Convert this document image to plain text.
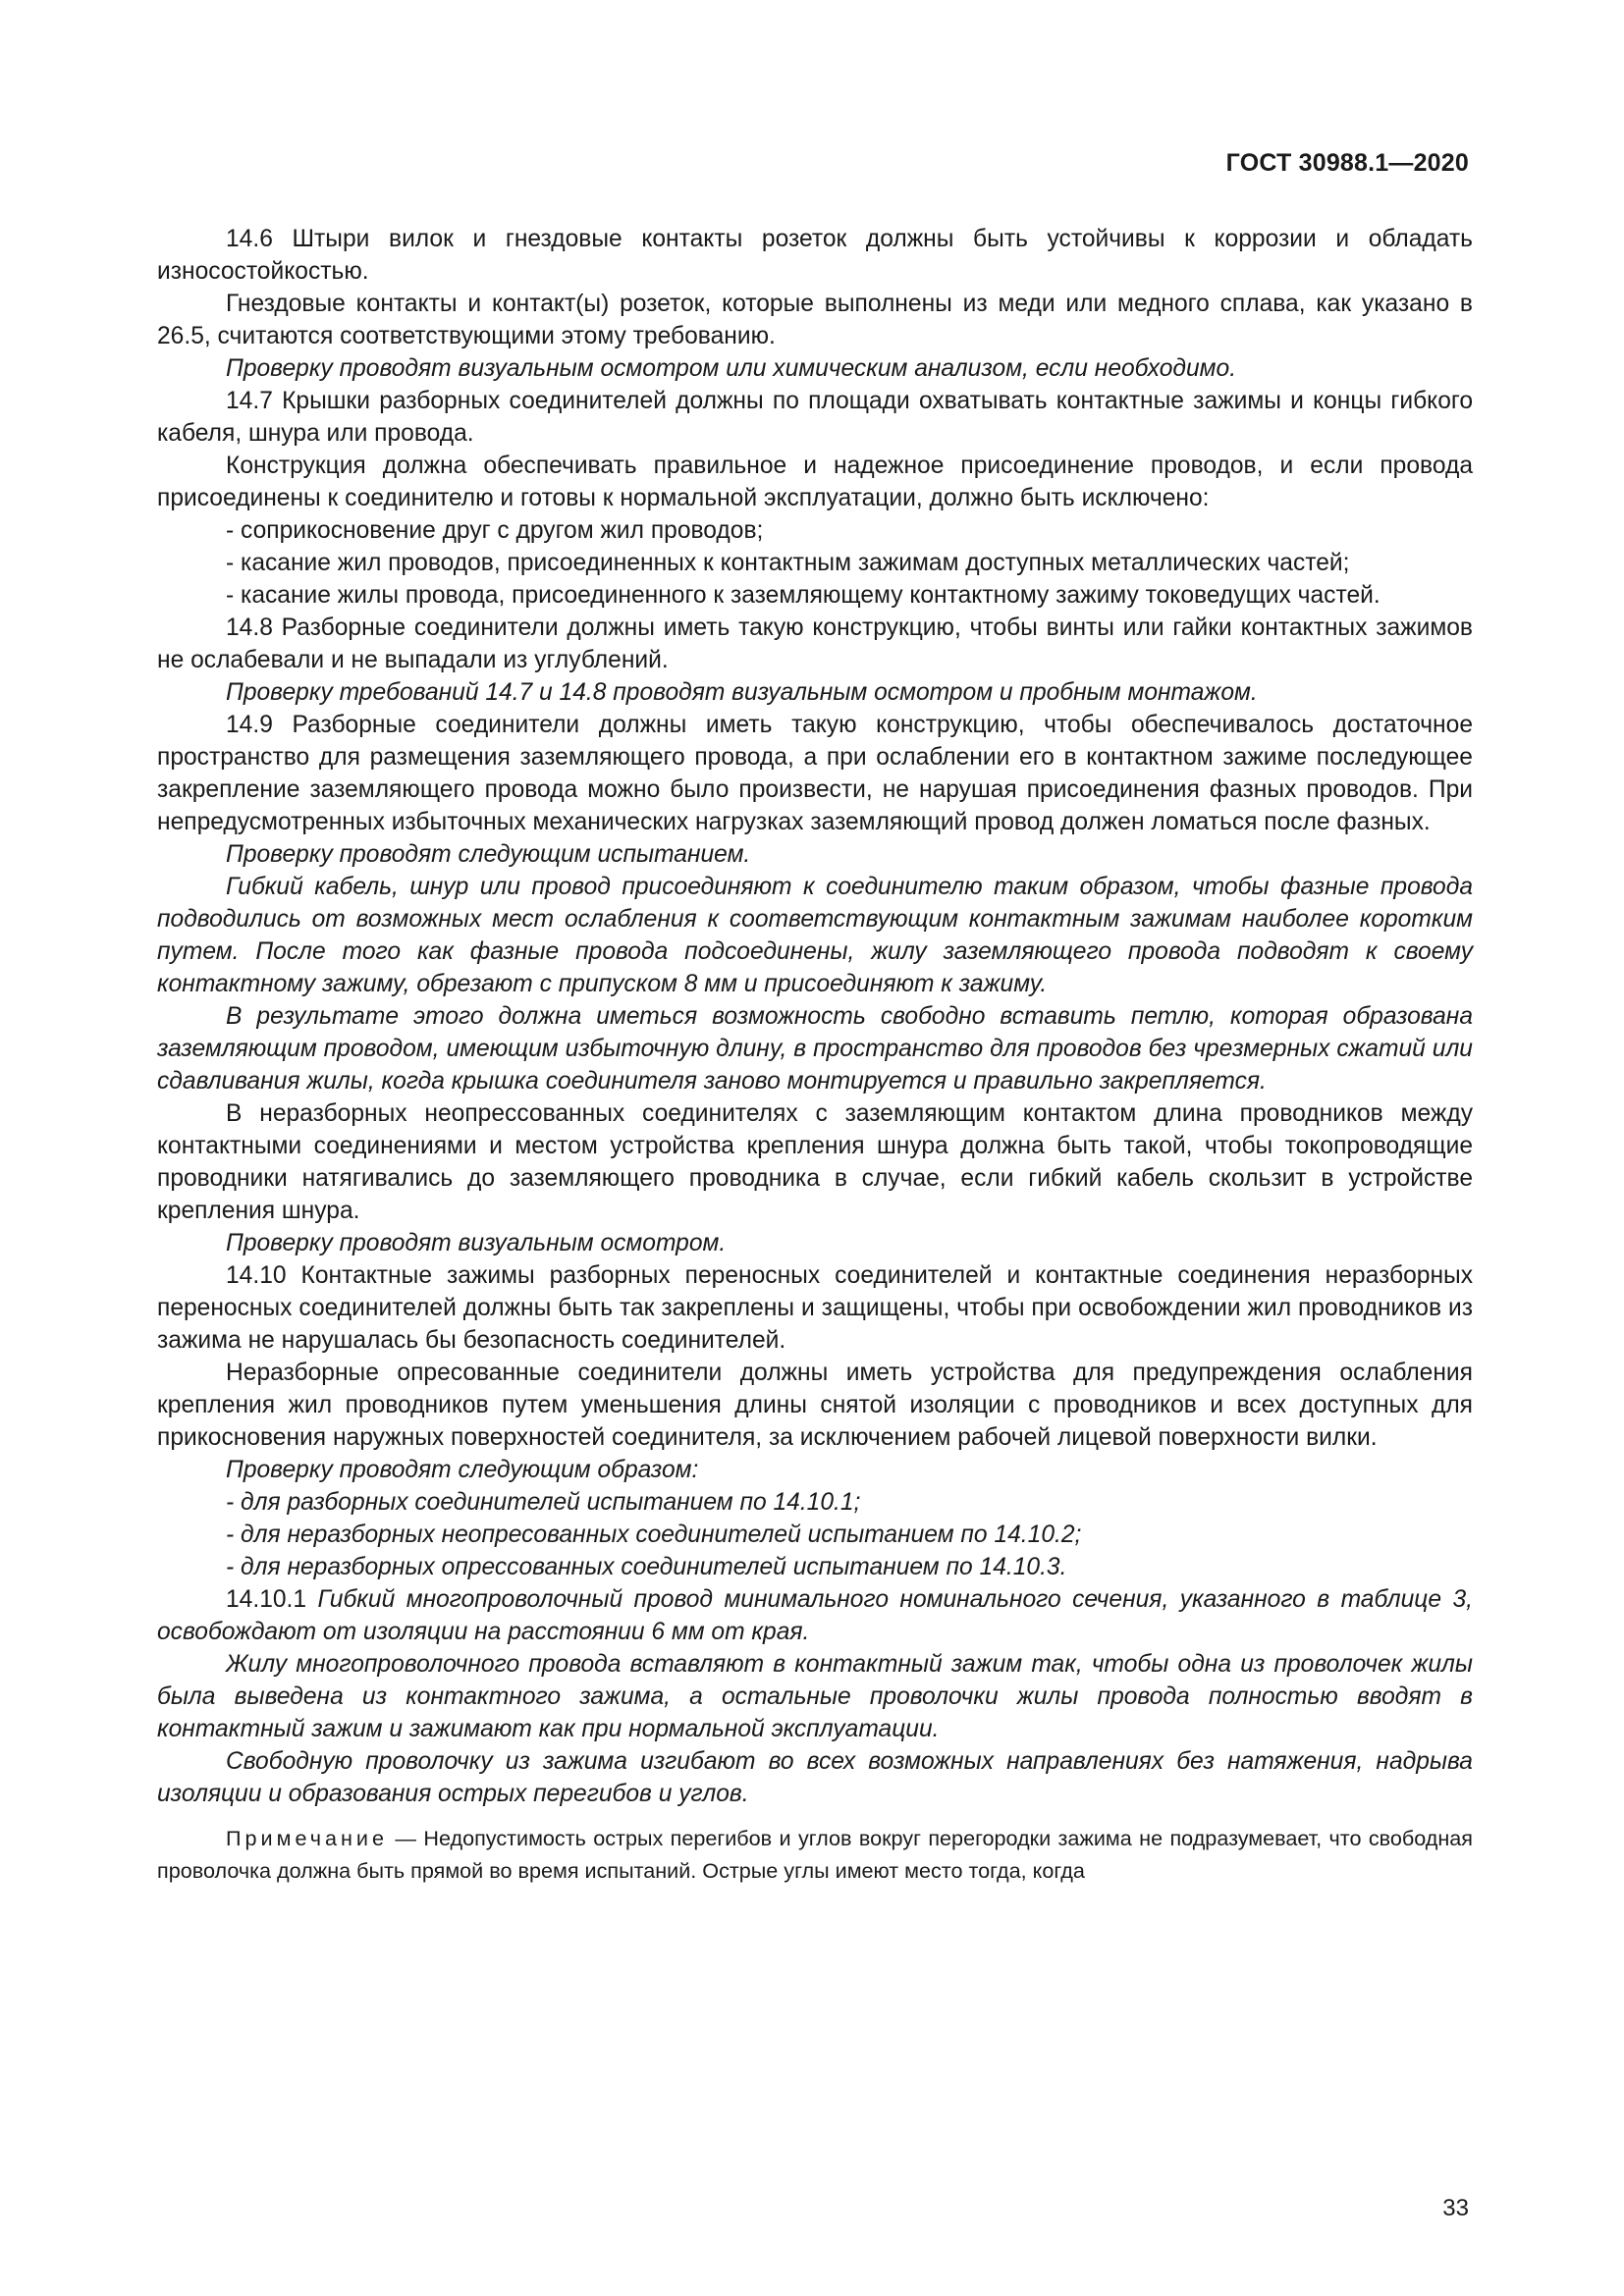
ГОСТ 30988.1—2020

14.6 Штыри вилок и гнездовые контакты розеток должны быть устойчивы к коррозии и обладать износостойкостью.

Гнездовые контакты и контакт(ы) розеток, которые выполнены из меди или медного сплава, как указано в 26.5, считаются соответствующими этому требованию.

Проверку проводят визуальным осмотром или химическим анализом, если необходимо.

14.7 Крышки разборных соединителей должны по площади охватывать контактные зажимы и концы гибкого кабеля, шнура или провода.

Конструкция должна обеспечивать правильное и надежное присоединение проводов, и если провода присоединены к соединителю и готовы к нормальной эксплуатации, должно быть исключено:

- соприкосновение друг с другом жил проводов;

- касание жил проводов, присоединенных к контактным зажимам доступных металлических частей;

- касание жилы провода, присоединенного к заземляющему контактному зажиму токоведущих частей.

14.8 Разборные соединители должны иметь такую конструкцию, чтобы винты или гайки контактных зажимов не ослабевали и не выпадали из углублений.

Проверку требований 14.7 и 14.8 проводят визуальным осмотром и пробным монтажом.

14.9 Разборные соединители должны иметь такую конструкцию, чтобы обеспечивалось достаточное пространство для размещения заземляющего провода, а при ослаблении его в контактном зажиме последующее закрепление заземляющего провода можно было произвести, не нарушая присоединения фазных проводов. При непредусмотренных избыточных механических нагрузках заземляющий провод должен ломаться после фазных.

Проверку проводят следующим испытанием.

Гибкий кабель, шнур или провод присоединяют к соединителю таким образом, чтобы фазные провода подводились от возможных мест ослабления к соответствующим контактным зажимам наиболее коротким путем. После того как фазные провода подсоединены, жилу заземляющего провода подводят к своему контактному зажиму, обрезают с припуском 8 мм и присоединяют к зажиму.

В результате этого должна иметься возможность свободно вставить петлю, которая образована заземляющим проводом, имеющим избыточную длину, в пространство для проводов без чрезмерных сжатий или сдавливания жилы, когда крышка соединителя заново монтируется и правильно закрепляется.

В неразборных неопрессованных соединителях с заземляющим контактом длина проводников между контактными соединениями и местом устройства крепления шнура должна быть такой, чтобы токопроводящие проводники натягивались до заземляющего проводника в случае, если гибкий кабель скользит в устройстве крепления шнура.

Проверку проводят визуальным осмотром.

14.10 Контактные зажимы разборных переносных соединителей и контактные соединения неразборных переносных соединителей должны быть так закреплены и защищены, чтобы при освобождении жил проводников из зажима не нарушалась бы безопасность соединителей.

Неразборные опресованные соединители должны иметь устройства для предупреждения ослабления крепления жил проводников путем уменьшения длины снятой изоляции с проводников и всех доступных для прикосновения наружных поверхностей соединителя, за исключением рабочей лицевой поверхности вилки.

Проверку проводят следующим образом:

- для разборных соединителей испытанием по 14.10.1;

- для неразборных неопресованных соединителей испытанием по 14.10.2;

- для неразборных опрессованных соединителей испытанием по 14.10.3.

14.10.1 Гибкий многопроволочный провод минимального номинального сечения, указанного в таблице 3, освобождают от изоляции на расстоянии 6 мм от края.

Жилу многопроволочного провода вставляют в контактный зажим так, чтобы одна из проволочек жилы была выведена из контактного зажима, а остальные проволочки жилы провода полностью вводят в контактный зажим и зажимают как при нормальной эксплуатации.

Свободную проволочку из зажима изгибают во всех возможных направлениях без натяжения, надрыва изоляции и образования острых перегибов и углов.

Примечание — Недопустимость острых перегибов и углов вокруг перегородки зажима не подразумевает, что свободная проволочка должна быть прямой во время испытаний. Острые углы имеют место тогда, когда

33
